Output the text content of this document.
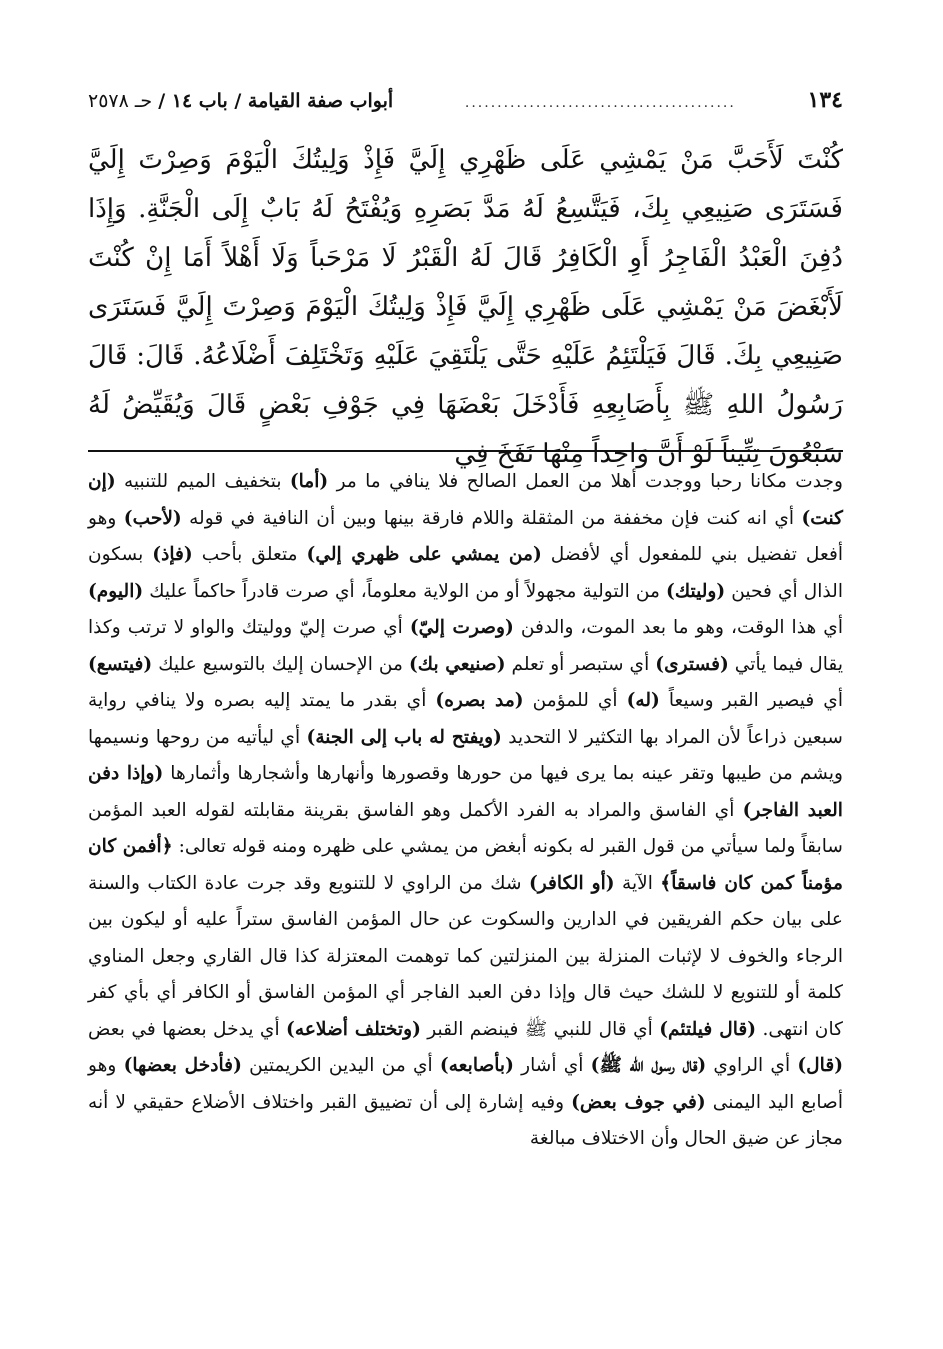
١٣٤
..........................................
أبواب صفة القيامة / باب ١٤ /
حـ ٢٥٧٨

كُنْتَ لَأَحَبَّ مَنْ يَمْشِي عَلَى ظَهْرِي إِلَيَّ فَإِذْ وَلِيتُكَ الْيَوْمَ وَصِرْتَ إِلَيَّ فَسَتَرَى صَنِيعِي بِكَ، فَيَتَّسِعُ لَهُ مَدَّ بَصَرِهِ وَيُفْتَحُ لَهُ بَابٌ إِلَى الْجَنَّةِ. وَإِذَا دُفِنَ الْعَبْدُ الْفَاجِرُ أَوِ الْكَافِرُ قَالَ لَهُ الْقَبْرُ لَا مَرْحَباً وَلَا أَهْلاً أَمَا إِنْ كُنْتَ لَأَبْغَضَ مَنْ يَمْشِي عَلَى ظَهْرِي إِلَيَّ فَإِذْ وَلِيتُكَ الْيَوْمَ وَصِرْتَ إِلَيَّ فَسَتَرَى صَنِيعِي بِكَ. قَالَ فَيَلْتَئِمُ عَلَيْهِ حَتَّى يَلْتَقِيَ عَلَيْهِ وَتَخْتَلِفَ أَضْلَاعُهُ. قَالَ: قَالَ رَسُولُ اللهِ ﷺ بِأَصَابِعِهِ فَأَدْخَلَ بَعْضَهَا فِي جَوْفِ بَعْضٍ قَالَ وَيُقَيِّضُ لَهُ سَبْعُونَ تِنِّيناً لَوْ أَنَّ وَاحِداً مِنْهَا نَفَخَ فِي

وجدت مكانا رحبا ووجدت أهلا من العمل الصالح فلا ينافي ما مر (أما) بتخفيف الميم للتنبيه (إن كنت) أي انه كنت فإن مخففة من المثقلة واللام فارقة بينها وبين أن النافية في قوله (لأحب) وهو أفعل تفضيل بني للمفعول أي لأفضل (من يمشي على ظهري إلي) متعلق بأحب (فإذ) بسكون الذال أي فحين (وليتك) من التولية مجهولاً أو من الولاية معلوماً، أي صرت قادراً حاكماً عليك (اليوم) أي هذا الوقت، وهو ما بعد الموت، والدفن (وصرت إليّ) أي صرت إليّ ووليتك والواو لا ترتب وكذا يقال فيما يأتي (فسترى) أي ستبصر أو تعلم (صنيعي بك) من الإحسان إليك بالتوسيع عليك (فيتسع) أي فيصير القبر وسيعاً (له) أي للمؤمن (مد بصره) أي بقدر ما يمتد إليه بصره ولا ينافي رواية سبعين ذراعاً لأن المراد بها التكثير لا التحديد (ويفتح له باب إلى الجنة) أي ليأتيه من روحها ونسيمها ويشم من طيبها وتقر عينه بما يرى فيها من حورها وقصورها وأنهارها وأشجارها وأثمارها (وإذا دفن العبد الفاجر) أي الفاسق والمراد به الفرد الأكمل وهو الفاسق بقرينة مقابلته لقوله العبد المؤمن سابقاً ولما سيأتي من قول القبر له بكونه أبغض من يمشي على ظهره ومنه قوله تعالى: ﴿أفمن كان مؤمناً كمن كان فاسقاً﴾ الآية (أو الكافر) شك من الراوي لا للتنويع وقد جرت عادة الكتاب والسنة على بيان حكم الفريقين في الدارين والسكوت عن حال المؤمن الفاسق ستراً عليه أو ليكون بين الرجاء والخوف لا لإثبات المنزلة بين المنزلتين كما توهمت المعتزلة كذا قال القاري وجعل المناوي كلمة أو للتنويع لا للشك حيث قال وإذا دفن العبد الفاجر أي المؤمن الفاسق أو الكافر أي بأي كفر كان انتهى. (قال فيلتئم) أي قال للنبي ﷺ فينضم القبر (وتختلف أضلاعه) أي يدخل بعضها في بعض (قال) أي الراوي (قال رسول الله ﷺ) أي أشار (بأصابعه) أي من اليدين الكريمتين (فأدخل بعضها) وهو أصابع اليد اليمنى (في جوف بعض) وفيه إشارة إلى أن تضييق القبر واختلاف الأضلاع حقيقي لا أنه مجاز عن ضيق الحال وأن الاختلاف مبالغة
